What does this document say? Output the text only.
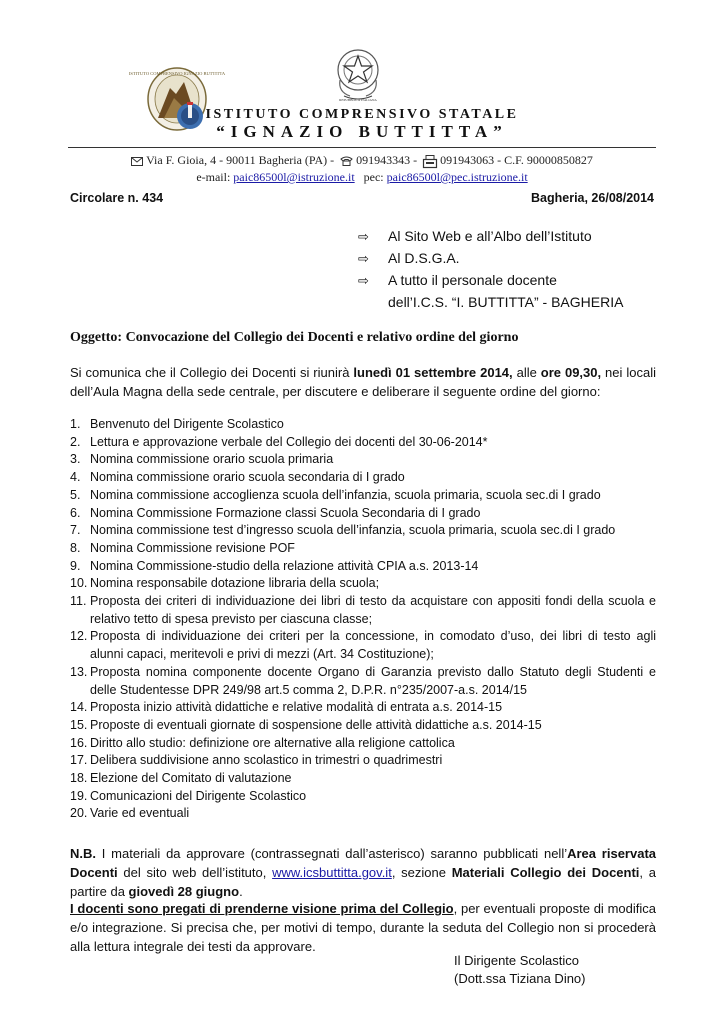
ISTITUTO COMPRENSIVO IGNAZIO BUTTITTA
REPUBBLICA ITALIANA
ISTITUTO COMPRENSIVO STATALE
“IGNAZIO BUTTITTA”
Via F. Gioia, 4 - 90011 Bagheria (PA) - 091943343 - 091943063 - C.F. 90000850827
e-mail: paic86500l@istruzione.it pec: paic86500l@pec.istruzione.it
Circolare n. 434	Bagheria, 26/08/2014
⇨ Al Sito Web e all’Albo dell’Istituto
⇨ Al D.S.G.A.
⇨ A tutto il personale docente
dell’I.C.S. “I. BUTTITTA” - BAGHERIA
Oggetto: Convocazione del Collegio dei Docenti e relativo ordine del giorno
Si comunica che il Collegio dei Docenti si riunirà lunedì 01 settembre 2014, alle ore 09,30, nei locali dell’Aula Magna della sede centrale, per discutere e deliberare il seguente ordine del giorno:
1. Benvenuto del Dirigente Scolastico
2. Lettura e approvazione verbale del Collegio dei docenti del 30-06-2014*
3. Nomina commissione orario scuola primaria
4. Nomina commissione orario scuola secondaria di I grado
5. Nomina commissione accoglienza scuola dell’infanzia, scuola primaria, scuola sec.di I grado
6. Nomina Commissione Formazione classi Scuola Secondaria di I grado
7. Nomina commissione test d’ingresso scuola dell’infanzia, scuola primaria, scuola sec.di I grado
8. Nomina Commissione revisione POF
9. Nomina Commissione-studio della relazione attività CPIA a.s. 2013-14
10. Nomina responsabile dotazione libraria della scuola;
11. Proposta dei criteri di individuazione dei libri di testo da acquistare con appositi fondi della scuola e relativo tetto di spesa previsto per ciascuna classe;
12. Proposta di individuazione dei criteri per la concessione, in comodato d’uso, dei libri di testo agli alunni capaci, meritevoli e privi di mezzi (Art. 34 Costituzione);
13. Proposta nomina componente docente Organo di Garanzia previsto dallo Statuto degli Studenti e delle Studentesse DPR 249/98 art.5 comma 2, D.P.R. n°235/2007-a.s. 2014/15
14. Proposta inizio attività didattiche e relative modalità di entrata a.s. 2014-15
15. Proposte di eventuali giornate di sospensione delle attività didattiche a.s. 2014-15
16. Diritto allo studio: definizione ore alternative alla religione cattolica
17. Delibera suddivisione anno scolastico in trimestri o quadrimestri
18. Elezione del Comitato di valutazione
19. Comunicazioni del Dirigente Scolastico
20. Varie ed eventuali
N.B. I materiali da approvare (contrassegnati dall’asterisco) saranno pubblicati nell’Area riservata Docenti del sito web dell’istituto, www.icsbuttitta.gov.it, sezione Materiali Collegio dei Docenti, a partire da giovedì 28 giugno.
I docenti sono pregati di prenderne visione prima del Collegio, per eventuali proposte di modifica e/o integrazione. Si precisa che, per motivi di tempo, durante la seduta del Collegio non si procederà alla lettura integrale dei testi da approvare.
Il Dirigente Scolastico
(Dott.ssa Tiziana Dino)
